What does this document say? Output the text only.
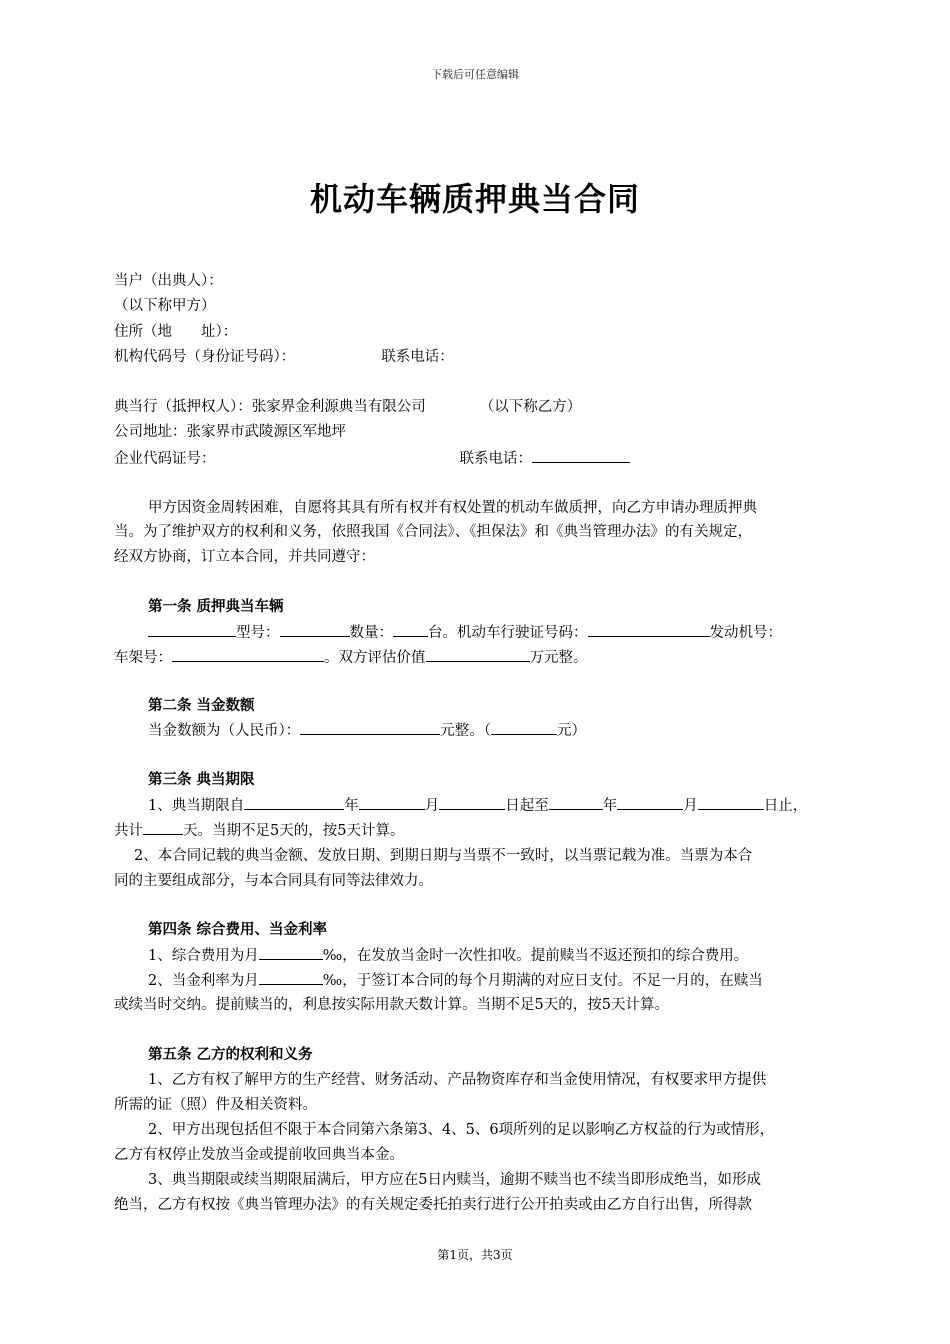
下载后可任意编辑
机动车辆质押典当合同
当户（出典人）：
（以下称甲方）
住所（地　　址）：
机构代码号（身份证号码）：	联系电话：
典当行（抵押权人）：张家界金利源典当有限公司	（以下称乙方）
公司地址：张家界市武陵源区军地坪
企业代码证号：	联系电话：
甲方因资金周转困难，自愿将其具有所有权并有权处置的机动车做质押，向乙方申请办理质押典
当。为了维护双方的权利和义务，依照我国《合同法》、《担保法》和《典当管理办法》的有关规定，
经双方协商，订立本合同，并共同遵守：
第一条 质押典当车辆
型号：	数量： 台。机动车行驶证号码：	发动机号：
车架号：	。双方评估价值	万元整。
第二条 当金数额
当金数额为（人民币）：	元整。（	元）
第三条 典当期限
1、典当期限自	年	月	日起至	年	月	日止，
共计	天。当期不足5天的，按5天计算。
2、本合同记载的典当金额、发放日期、到期日期与当票不一致时，以当票记载为准。当票为本合
同的主要组成部分，与本合同具有同等法律效力。
第四条 综合费用、当金利率
1、综合费用为月	‰，在发放当金时一次性扣收。提前赎当不返还预扣的综合费用。
2、当金利率为月	‰，于签订本合同的每个月期满的对应日支付。不足一月的，在赎当
或续当时交纳。提前赎当的，利息按实际用款天数计算。当期不足5天的，按5天计算。
第五条 乙方的权利和义务
1、乙方有权了解甲方的生产经营、财务活动、产品物资库存和当金使用情况，有权要求甲方提供
所需的证（照）件及相关资料。
2、甲方出现包括但不限于本合同第六条第3、4、5、6项所列的足以影响乙方权益的行为或情形，
乙方有权停止发放当金或提前收回典当本金。
3、典当期限或续当期限届满后，甲方应在5日内赎当，逾期不赎当也不续当即形成绝当，如形成
绝当，乙方有权按《典当管理办法》的有关规定委托拍卖行进行公开拍卖或由乙方自行出售，所得款
第1页，共3页
